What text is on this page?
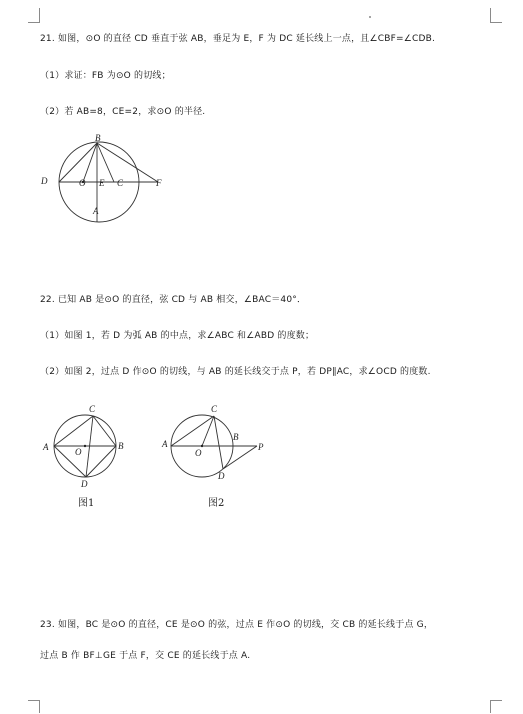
21. 如图，⊙O 的直径 CD 垂直于弦 AB，垂足为 E，F 为 DC 延长线上一点，且∠CBF=∠CDB.
（1）求证：FB 为⊙O 的切线；
（2）若 AB=8，CE=2，求⊙O 的半径.
B
D	O E C	F
A
22. 已知 AB 是⊙O 的直径，弦 CD 与 AB 相交，∠BAC＝40°．
（1）如图 1，若 D 为弧 AB 的中点，求∠ABC 和∠ABD 的度数；
（2）如图 2，过点 D 作⊙O 的切线，与 AB 的延长线交于点 P，若 DP∥AC，求∠OCD 的度数.
C
A	O
B
D
图1
C
A
O
B
P
D
图2
23. 如图，BC 是⊙O 的直径，CE 是⊙O 的弦，过点 E 作⊙O 的切线，交 CB 的延长线于点 G，
过点 B 作 BF⊥GE 于点 F，交 CE 的延长线于点 A.
